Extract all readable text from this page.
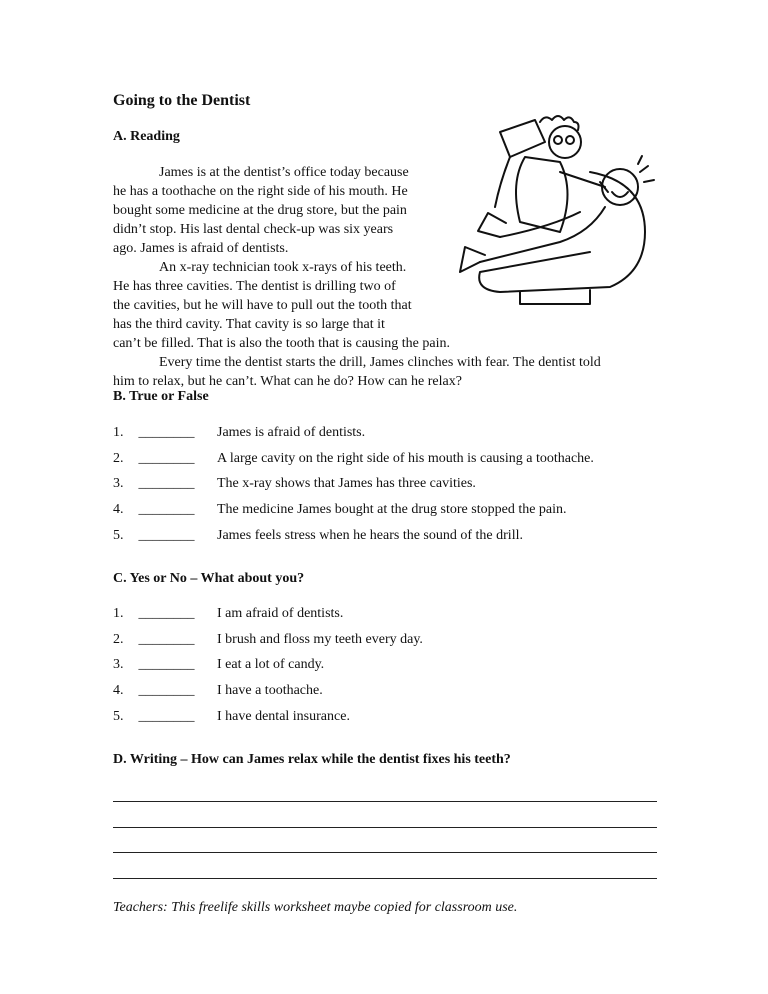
Going to the Dentist
A. Reading
James is at the dentist’s office today because
he has a toothache on the right side of his mouth. He
bought some medicine at the drug store, but the pain
didn’t stop. His last dental check-up was six years
ago. James is afraid of dentists.
An x-ray technician took x-rays of his teeth.
He has three cavities. The dentist is drilling two of
the cavities, but he will have to pull out the tooth that
has the third cavity. That cavity is so large that it
can’t be filled. That is also the tooth that is causing the pain.
Every time the dentist starts the drill, James clinches with fear. The dentist told
him to relax, but he can’t. What can he do? How can he relax?
B. True or False
1. ________ James is afraid of dentists.
2. ________ A large cavity on the right side of his mouth is causing a toothache.
3. ________ The x-ray shows that James has three cavities.
4. ________ The medicine James bought at the drug store stopped the pain.
5. ________ James feels stress when he hears the sound of the drill.
C. Yes or No – What about you?
1. ________ I am afraid of dentists.
2. ________ I brush and floss my teeth every day.
3. ________ I eat a lot of candy.
4. ________ I have a toothache.
5. ________ I have dental insurance.
D. Writing – How can James relax while the dentist fixes his teeth?
Teachers: This freelife skills worksheet maybe copied for classroom use.
